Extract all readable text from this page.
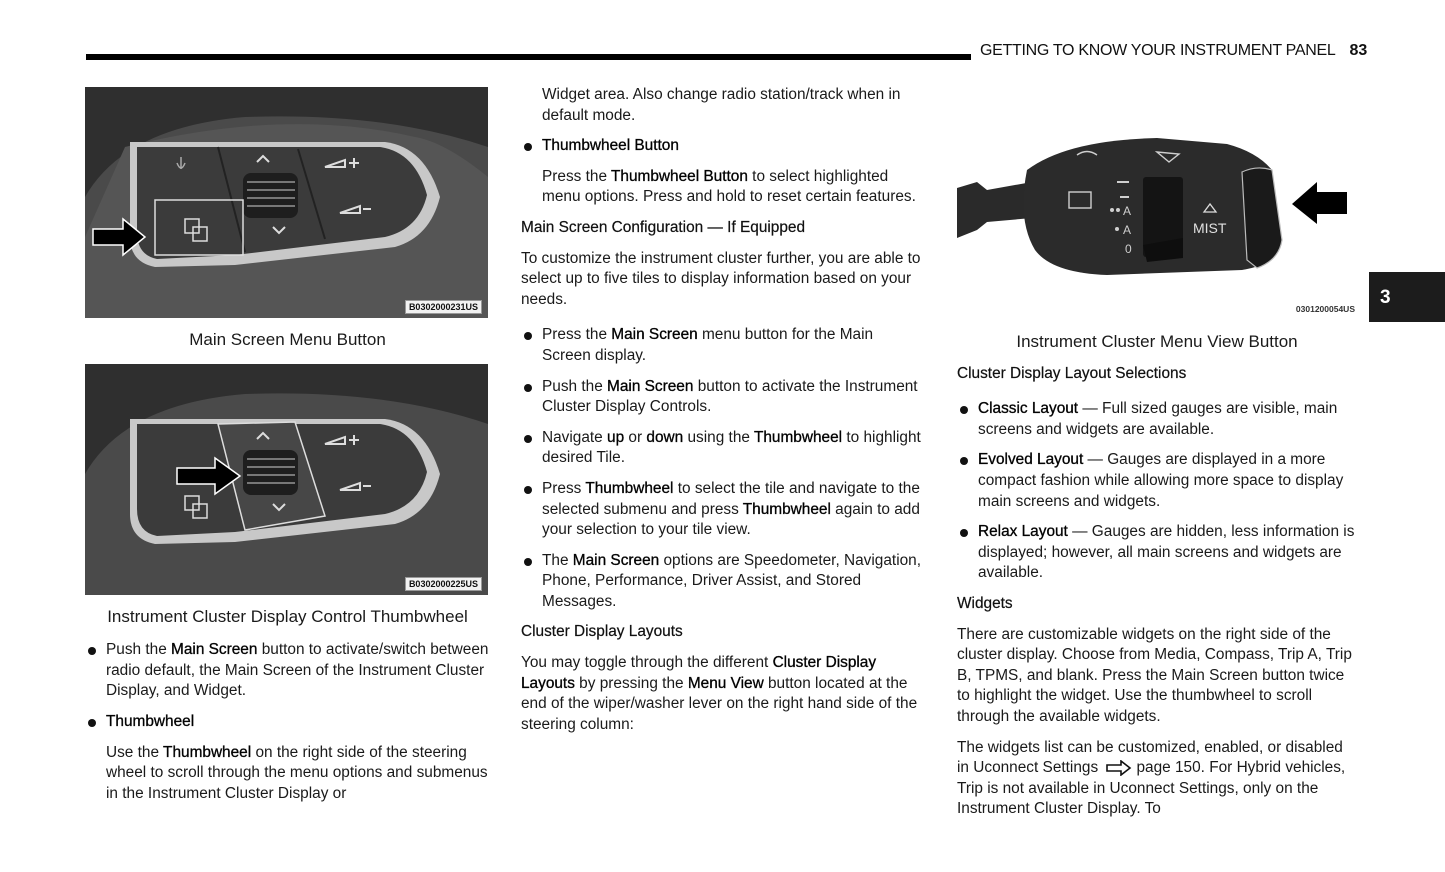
GETTING TO KNOW YOUR INSTRUMENT PANEL 83
3
B0302000231US
Main Screen Menu Button
B0302000225US
Instrument Cluster Display Control Thumbwheel
Push the Main Screen button to activate/switch between radio default, the Main Screen of the Instrument Cluster Display, and Widget.
Thumbwheel

Use the Thumbwheel on the right side of the steering wheel to scroll through the menu options and submenus in the Instrument Cluster Display or

Widget area. Also change radio station/track when in default mode.

Thumbwheel Button

Press the Thumbwheel Button to select highlighted menu options. Press and hold to reset certain features.

Main Screen Configuration — If Equipped

To customize the instrument cluster further, you are able to select up to five tiles to display information based on your needs.

Press the Main Screen menu button for the Main Screen display.
Push the Main Screen button to activate the Instrument Cluster Display Controls.
Navigate up or down using the Thumbwheel to highlight desired Tile.
Press Thumbwheel to select the tile and navigate to the selected submenu and press Thumbwheel again to add your selection to your tile view.
The Main Screen options are Speedometer, Navigation, Phone, Performance, Driver Assist, and Stored Messages.
Cluster Display Layouts

You may toggle through the different Cluster Display Layouts by pressing the Menu View button located at the end of the wiper/washer lever on the right hand side of the steering column:

A
A
0
MIST
0301200054US
Instrument Cluster Menu View Button
Cluster Display Layout Selections
Classic Layout — Full sized gauges are visible, main screens and widgets are available.
Evolved Layout — Gauges are displayed in a more compact fashion while allowing more space to display main screens and widgets.
Relax Layout — Gauges are hidden, less information is displayed; however, all main screens and widgets are available.
Widgets

There are customizable widgets on the right side of the cluster display. Choose from Media, Compass, Trip A, Trip B, TPMS, and blank. Press the Main Screen button twice to highlight the widget. Use the thumbwheel to scroll through the available widgets.

The widgets list can be customized, enabled, or disabled in Uconnect Settings page 150. For Hybrid vehicles, Trip is not available in Uconnect Settings, only on the Instrument Cluster Display. To
